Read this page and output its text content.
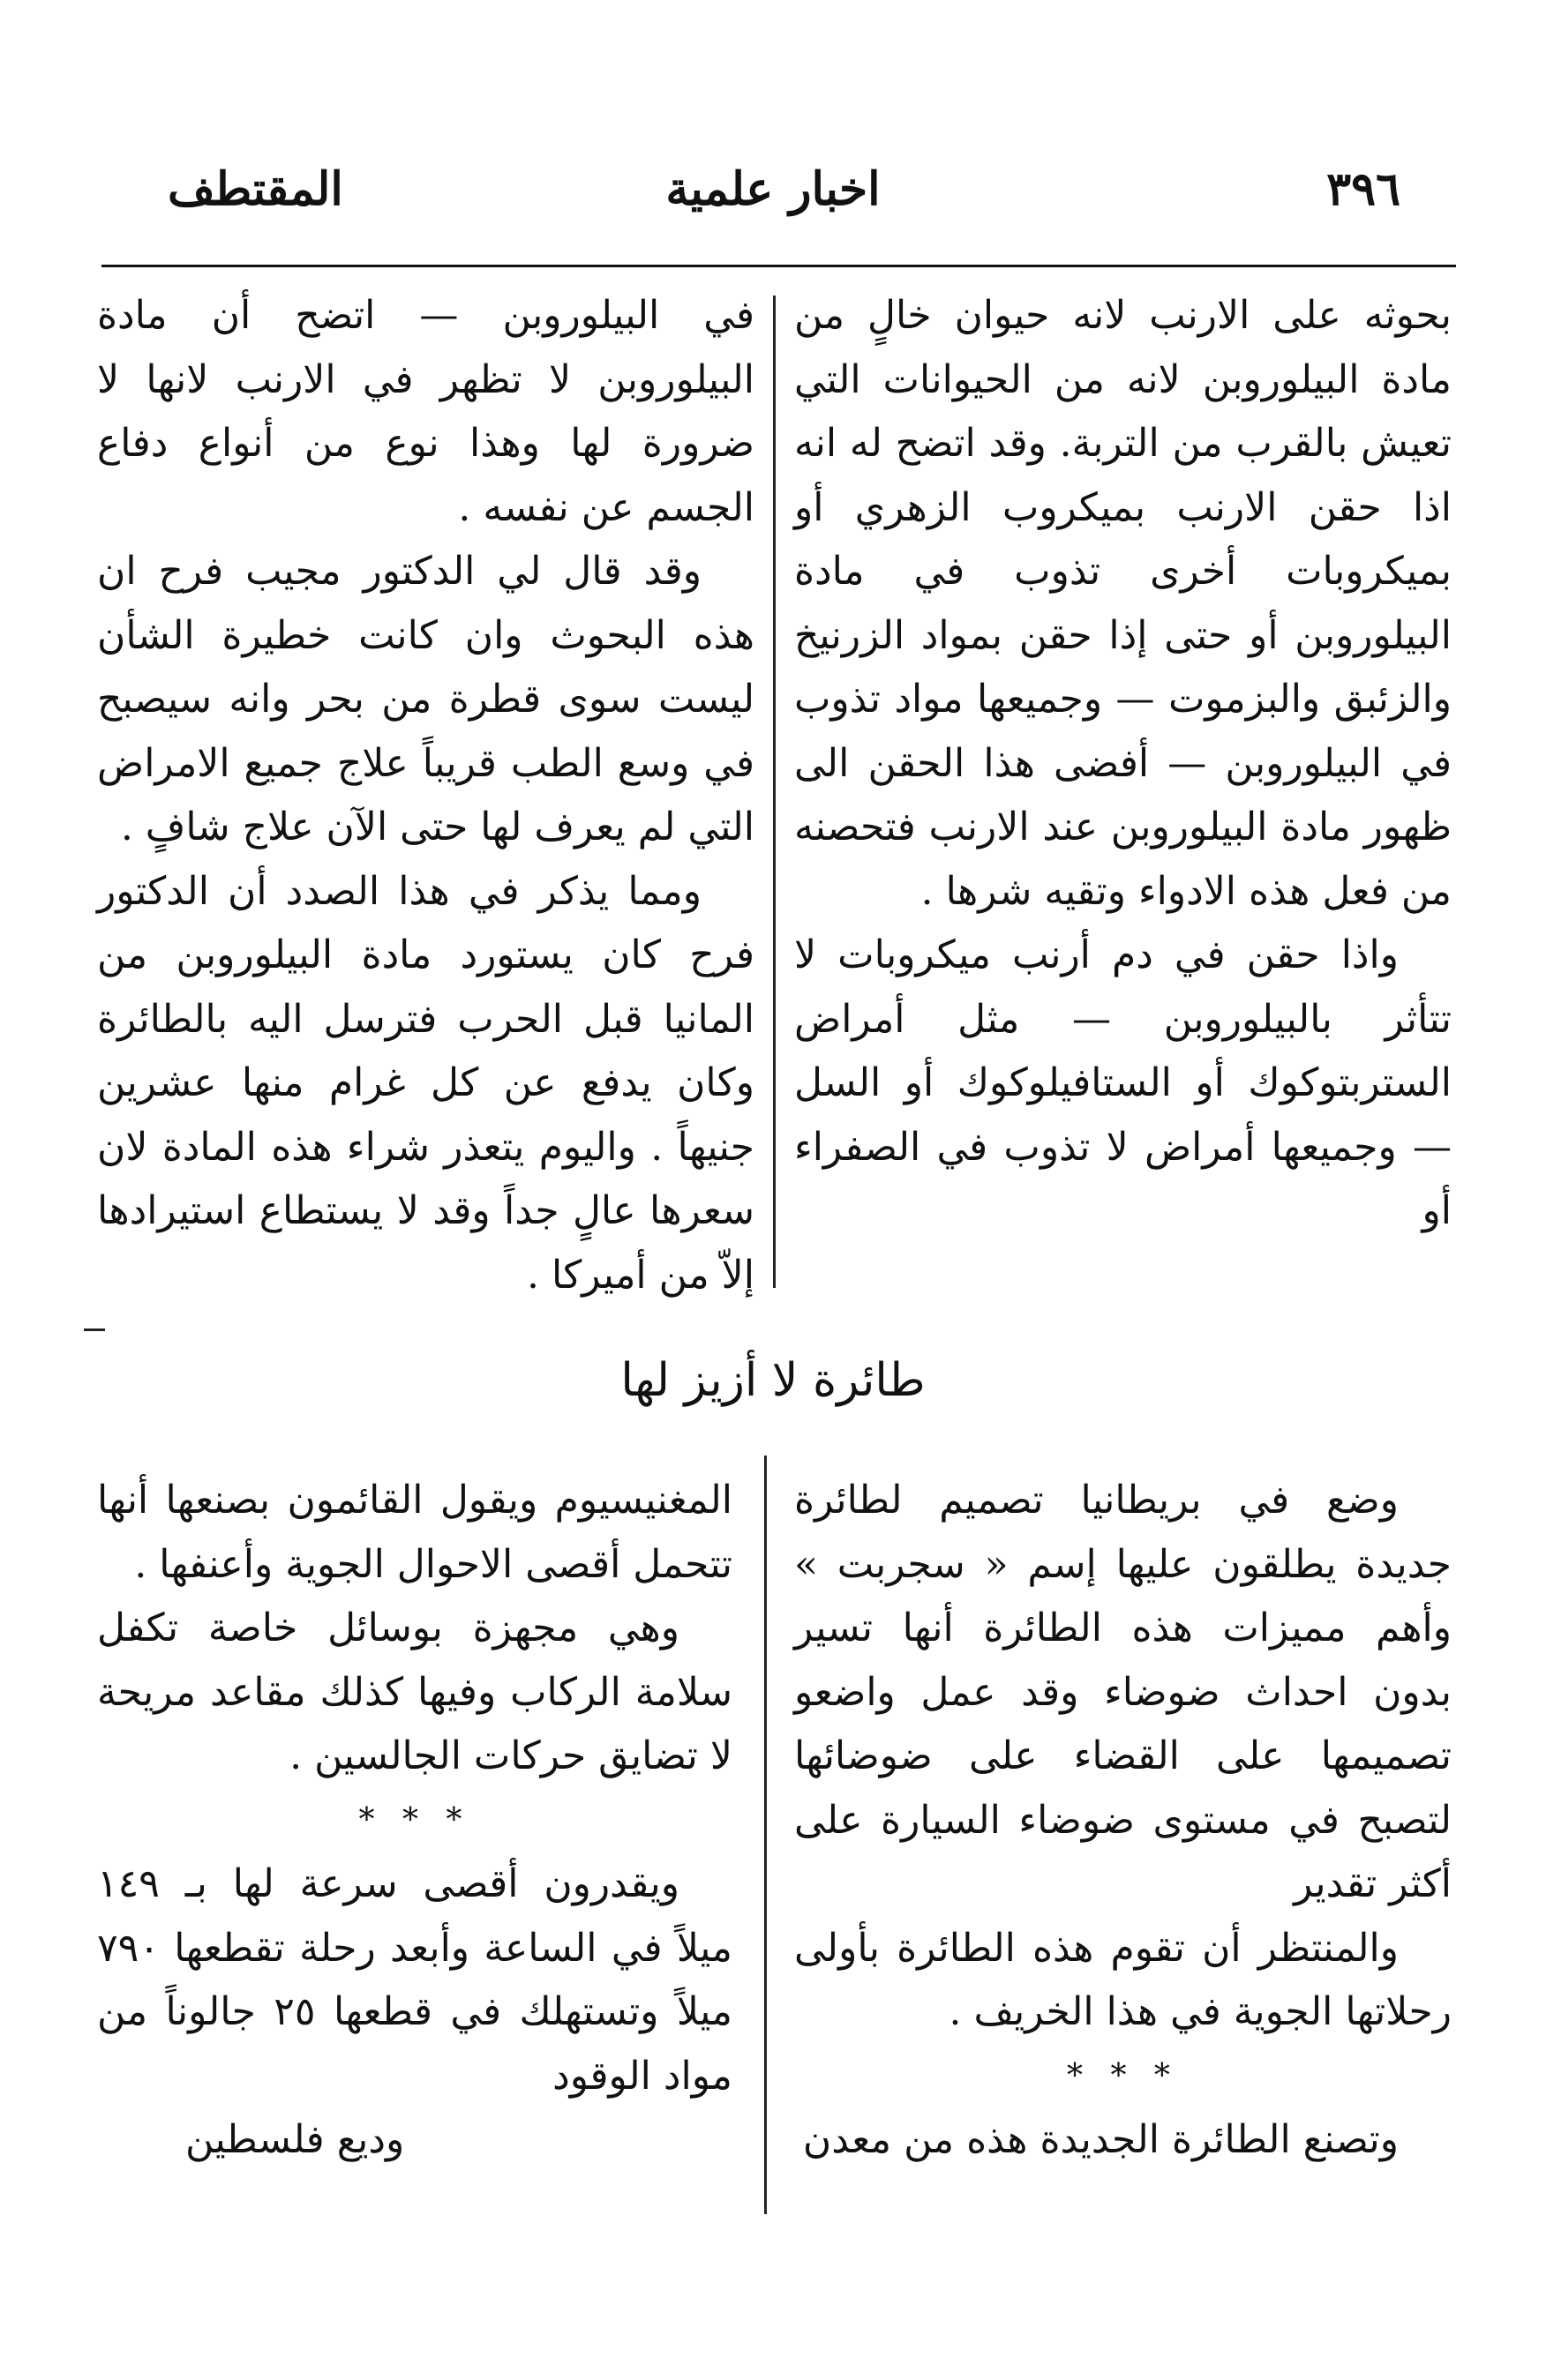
٣٩٦
اخبار علمية
المقتطف

بحوثه على الارنب لانه حيوان خالٍ من مادة البيلوروبن لانه من الحيوانات التي تعيش بالقرب من التربة. وقد اتضح له انه اذا حقن الارنب بميكروب الزهري أو بميكروبات أخرى تذوب في مادة البيلوروبن أو حتى إذا حقن بمواد الزرنيخ والزئبق والبزموت — وجميعها مواد تذوب في البيلوروبن — أفضى هذا الحقن الى ظهور مادة البيلوروبن عند الارنب فتحصنه من فعل هذه الادواء وتقيه شرها .

واذا حقن في دم أرنب ميكروبات لا تتأثر بالبيلوروبن — مثل أمراض الستربتوكوك أو الستافيلوكوك أو السل — وجميعها أمراض لا تذوب في الصفراء أو

في البيلوروبن — اتضح أن مادة البيلوروبن لا تظهر في الارنب لانها لا ضرورة لها وهذا نوع من أنواع دفاع الجسم عن نفسه .

وقد قال لي الدكتور مجيب فرح ان هذه البحوث وان كانت خطيرة الشأن ليست سوى قطرة من بحر وانه سيصبح في وسع الطب قريباً علاج جميع الامراض التي لم يعرف لها حتى الآن علاج شافٍ .

ومما يذكر في هذا الصدد أن الدكتور فرح كان يستورد مادة البيلوروبن من المانيا قبل الحرب فترسل اليه بالطائرة وكان يدفع عن كل غرام منها عشرين جنيهاً . واليوم يتعذر شراء هذه المادة لان سعرها عالٍ جداً وقد لا يستطاع استيرادها إلاّ من أميركا .

طائرة لا أزيز لها

وضع في بريطانيا تصميم لطائرة جديدة يطلقون عليها إسم « سجربت » وأهم مميزات هذه الطائرة أنها تسير بدون احداث ضوضاء وقد عمل واضعو تصميمها على القضاء على ضوضائها لتصبح في مستوى ضوضاء السيارة على أكثر تقدير

والمنتظر أن تقوم هذه الطائرة بأولى رحلاتها الجوية في هذا الخريف .

* * *

وتصنع الطائرة الجديدة هذه من معدن

المغنيسيوم ويقول القائمون بصنعها أنها تتحمل أقصى الاحوال الجوية وأعنفها .

وهي مجهزة بوسائل خاصة تكفل سلامة الركاب وفيها كذلك مقاعد مريحة لا تضايق حركات الجالسين .

* * *

ويقدرون أقصى سرعة لها بـ ١٤٩ ميلاً في الساعة وأبعد رحلة تقطعها ٧٩٠ ميلاً وتستهلك في قطعها ٢٥ جالوناً من مواد الوقود

وديع فلسطين
